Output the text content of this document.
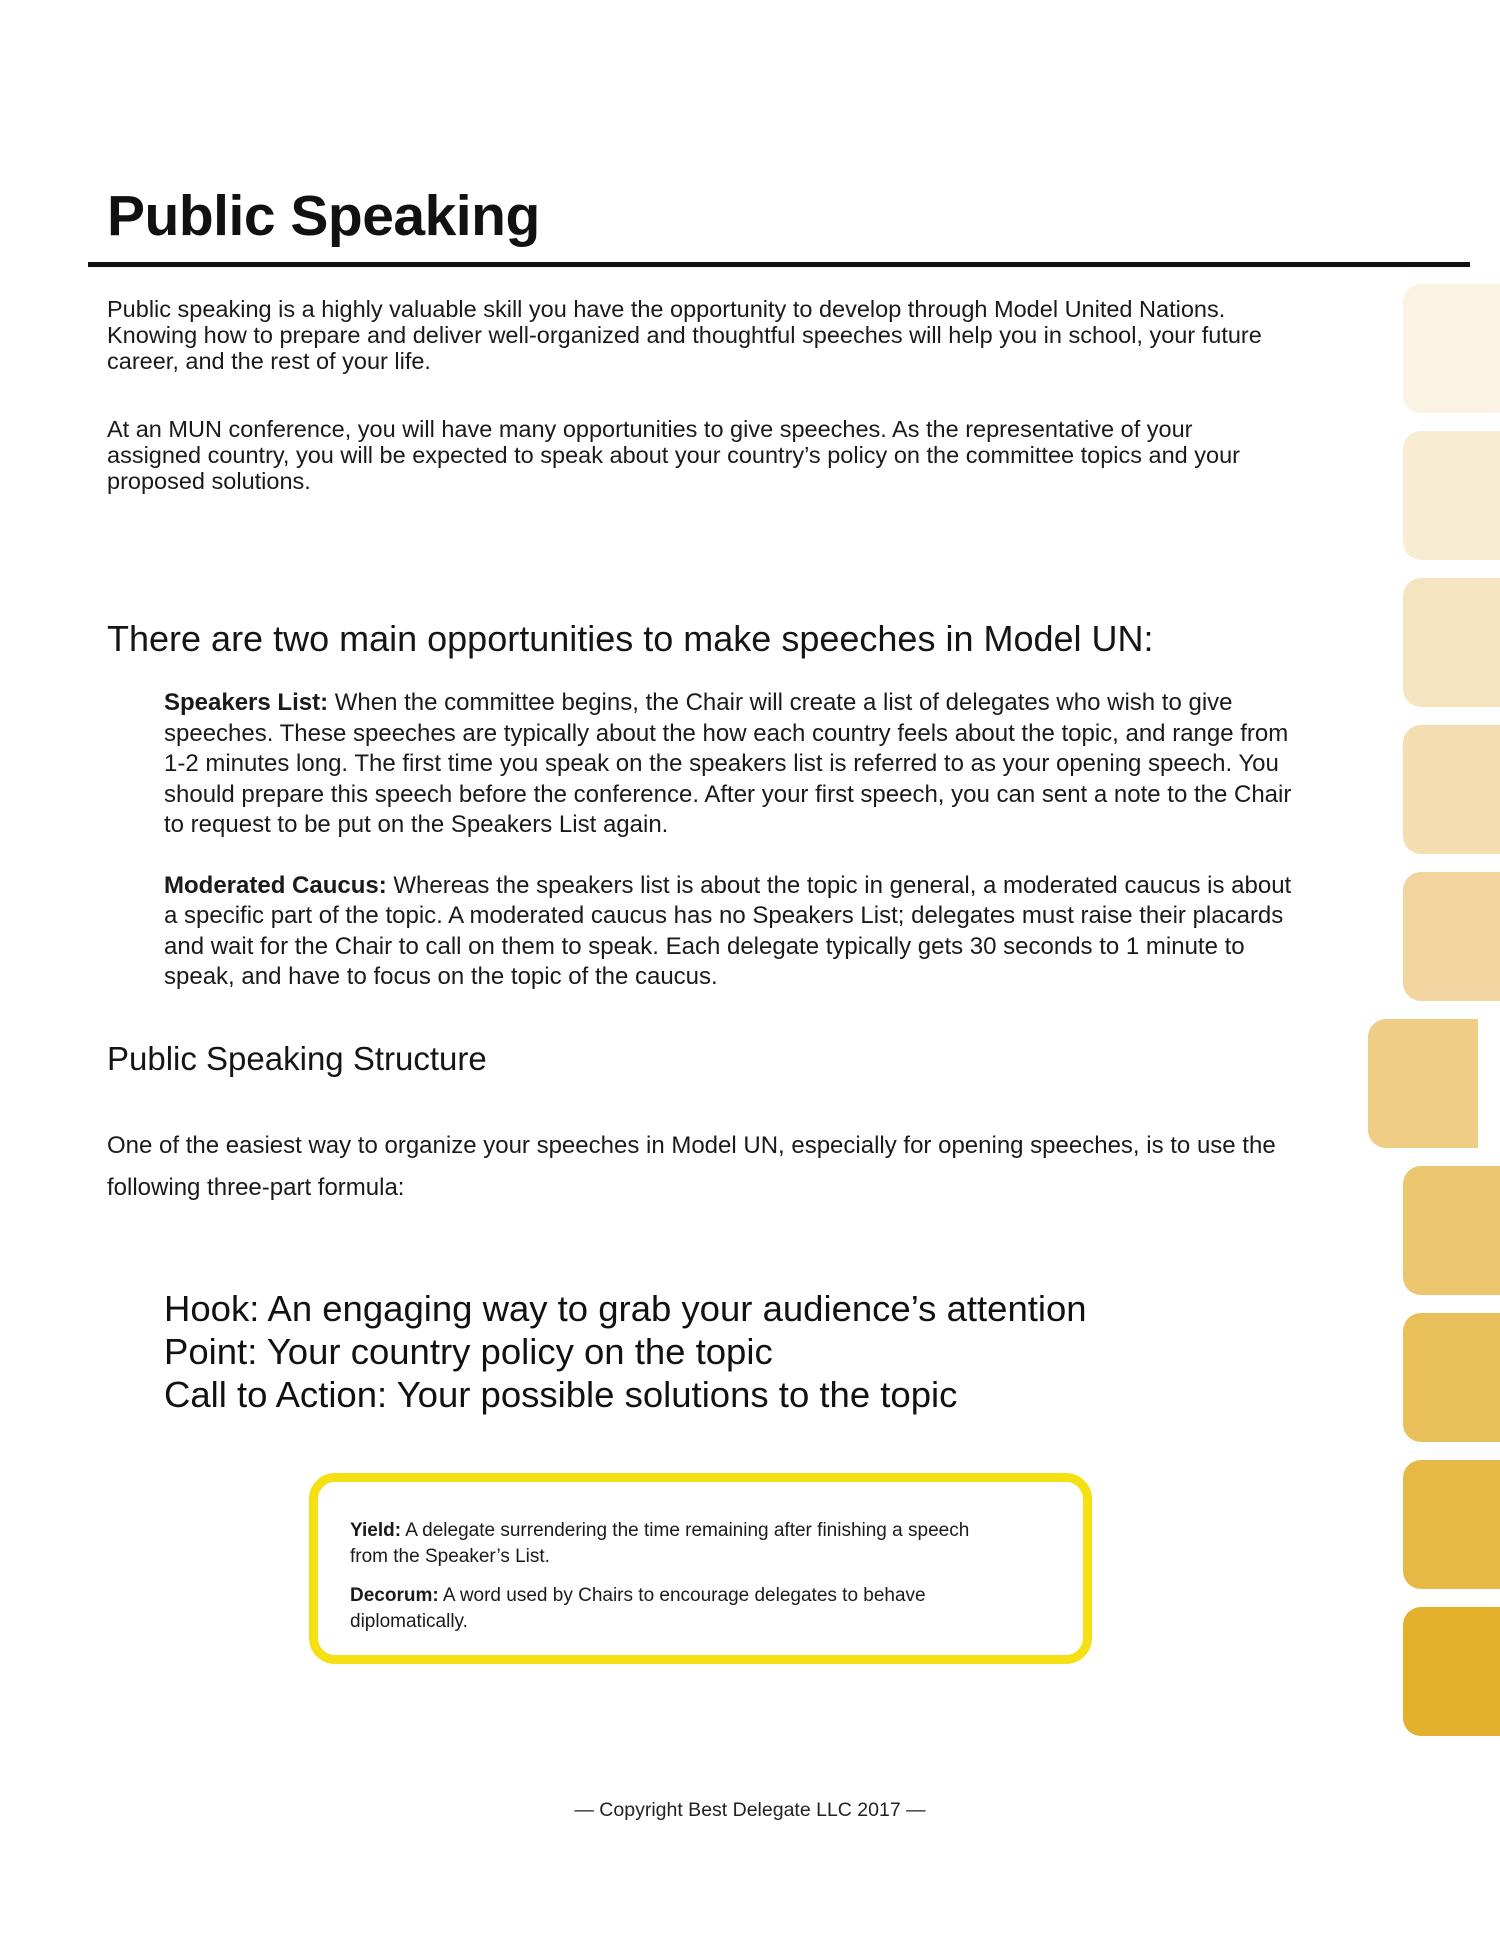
Public Speaking

Public speaking is a highly valuable skill you have the opportunity to develop through Model United Nations. Knowing how to prepare and deliver well-organized and thoughtful speeches will help you in school, your future career, and the rest of your life.

At an MUN conference, you will have many opportunities to give speeches. As the representative of your assigned country, you will be expected to speak about your country’s policy on the committee topics and your proposed solutions.

There are two main opportunities to make speeches in Model UN:

Speakers List: When the committee begins, the Chair will create a list of delegates who wish to give speeches. These speeches are typically about the how each country feels about the topic, and range from 1-2 minutes long. The first time you speak on the speakers list is referred to as your opening speech. You should prepare this speech before the conference. After your first speech, you can sent a note to the Chair to request to be put on the Speakers List again.

Moderated Caucus: Whereas the speakers list is about the topic in general, a moderated caucus is about a specific part of the topic. A moderated caucus has no Speakers List; delegates must raise their placards and wait for the Chair to call on them to speak. Each delegate typically gets 30 seconds to 1 minute to speak, and have to focus on the topic of the caucus.

Public Speaking Structure

One of the easiest way to organize your speeches in Model UN, especially for opening speeches, is to use the following three-part formula:

Hook: An engaging way to grab your audience’s attention
Point: Your country policy on the topic
Call to Action: Your possible solutions to the topic

Yield: A delegate surrendering the time remaining after finishing a speech from the Speaker’s List.

Decorum: A word used by Chairs to encourage delegates to behave diplomatically.

— Copyright Best Delegate LLC 2017 —
